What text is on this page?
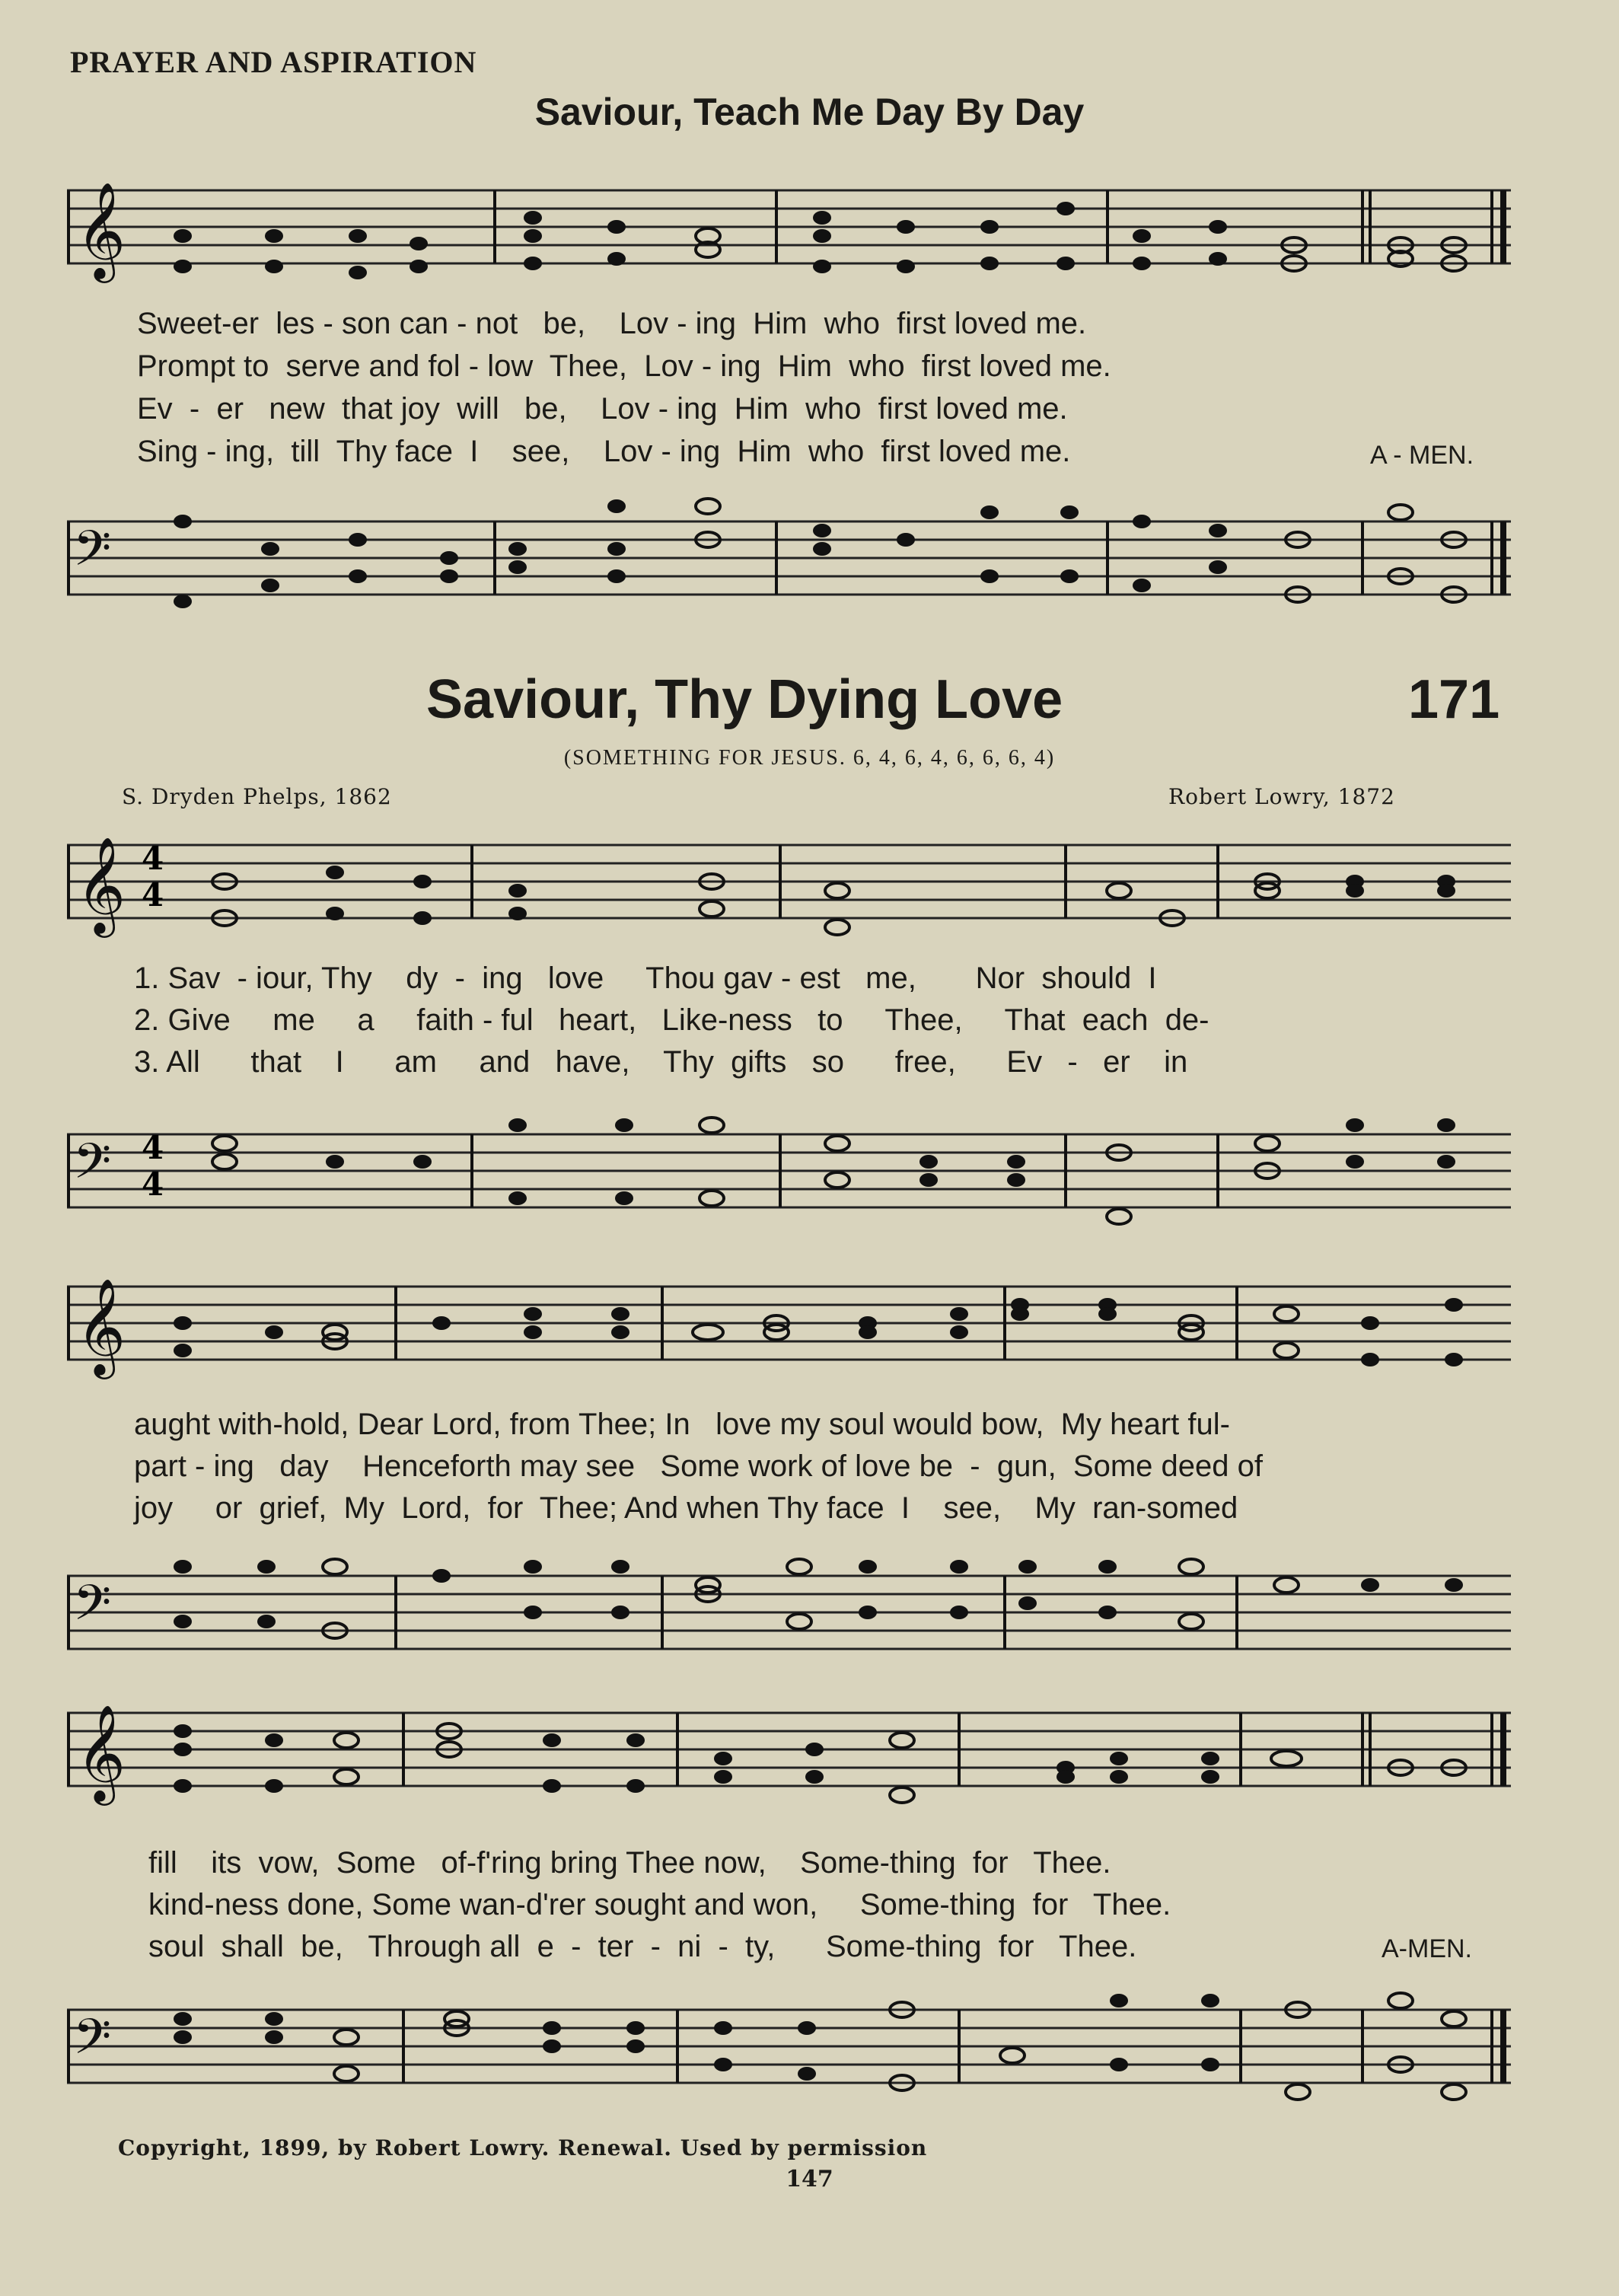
PRAYER AND ASPIRATION
Saviour, Teach Me Day By Day
𝄞
Sweet-er  les - son can - not   be,    Lov - ing  Him  who  first loved me.
Prompt to  serve and fol - low  Thee,  Lov - ing  Him  who  first loved me.
Ev  -  er   new  that joy  will   be,    Lov - ing  Him  who  first loved me.
Sing - ing,  till  Thy face  I    see,    Lov - ing  Him  who  first loved me.	A - MEN.
𝄢
Saviour, Thy Dying Love	171
(SOMETHING FOR JESUS. 6, 4, 6, 4, 6, 6, 6, 4)
S. Dryden Phelps, 1862	Robert Lowry, 1872
𝄞 4
4
1. Sav  - iour, Thy    dy  -  ing   love     Thou gav - est   me,       Nor  should  I
2. Give     me     a     faith - ful   heart,   Like-ness   to     Thee,     That  each  de-
3. All      that    I      am     and   have,    Thy  gifts   so      free,      Ev   -   er    in
𝄢 4
4
𝄞
aught with-hold, Dear Lord, from Thee; In   love my soul would bow,  My heart ful-
part - ing   day    Henceforth may see   Some work of love be  -  gun,  Some deed of
joy     or  grief,  My  Lord,  for  Thee; And when Thy face  I    see,    My  ran-somed
𝄢
𝄞
fill    its  vow,  Some   of-f'ring bring Thee now,    Some-thing  for   Thee.
kind-ness done, Some wan-d'rer sought and won,     Some-thing  for   Thee.
soul  shall  be,   Through all  e  -  ter  -  ni  -  ty,      Some-thing  for   Thee.	A-MEN.
𝄢
Copyright, 1899, by Robert Lowry. Renewal. Used by permission
147
